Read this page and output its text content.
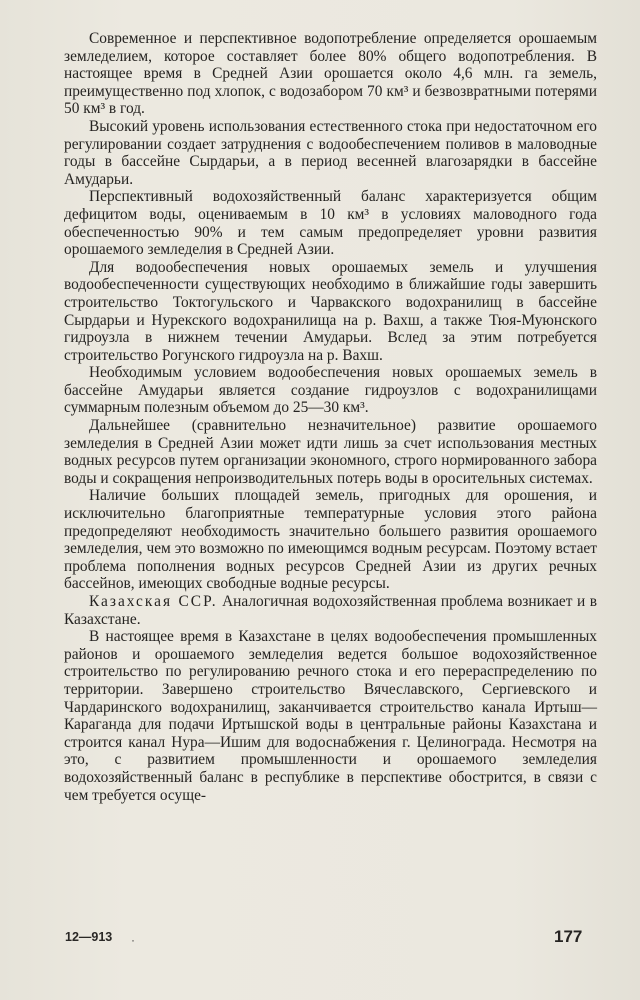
Современное и перспективное водопотребление определяется орошаемым земледелием, которое составляет более 80% общего водопотребления. В настоящее время в Средней Азии орошается около 4,6 млн. га земель, преимущественно под хлопок, с водозабором 70 км³ и безвозвратными потерями 50 км³ в год.

Высокий уровень использования естественного стока при недостаточном его регулировании создает затруднения с водообеспечением поливов в маловодные годы в бассейне Сырдарьи, а в период весенней влагозарядки в бассейне Амударьи.

Перспективный водохозяйственный баланс характеризуется общим дефицитом воды, оцениваемым в 10 км³ в условиях маловодного года обеспеченностью 90% и тем самым предопределяет уровни развития орошаемого земледелия в Средней Азии.

Для водообеспечения новых орошаемых земель и улучшения водообеспеченности существующих необходимо в ближайшие годы завершить строительство Токтогульского и Чарвакского водохранилищ в бассейне Сырдарьи и Нурекского водохранилища на р. Вахш, а также Тюя-Муюнского гидроузла в нижнем течении Амударьи. Вслед за этим потребуется строительство Рогунского гидроузла на р. Вахш.

Необходимым условием водообеспечения новых орошаемых земель в бассейне Амударьи является создание гидроузлов с водохранилищами суммарным полезным объемом до 25—30 км³.

Дальнейшее (сравнительно незначительное) развитие орошаемого земледелия в Средней Азии может идти лишь за счет использования местных водных ресурсов путем организации экономного, строго нормированного забора воды и сокращения непроизводительных потерь воды в оросительных системах.

Наличие больших площадей земель, пригодных для орошения, и исключительно благоприятные температурные условия этого района предопределяют необходимость значительно большего развития орошаемого земледелия, чем это возможно по имеющимся водным ресурсам. Поэтому встает проблема пополнения водных ресурсов Средней Азии из других речных бассейнов, имеющих свободные водные ресурсы.

Казахская ССР. Аналогичная водохозяйственная проблема возникает и в Казахстане.

В настоящее время в Казахстане в целях водообеспечения промышленных районов и орошаемого земледелия ведется большое водохозяйственное строительство по регулированию речного стока и его перераспределению по территории. Завершено строительство Вячеславского, Сергиевского и Чардаринского водохранилищ, заканчивается строительство канала Иртыш—Караганда для подачи Иртышской воды в центральные районы Казахстана и строится канал Нура—Ишим для водоснабжения г. Целинограда. Несмотря на это, с развитием промышленности и орошаемого земледелия водохозяйственный баланс в республике в перспективе обострится, в связи с чем требуется осуще-

12—913 ·	177
